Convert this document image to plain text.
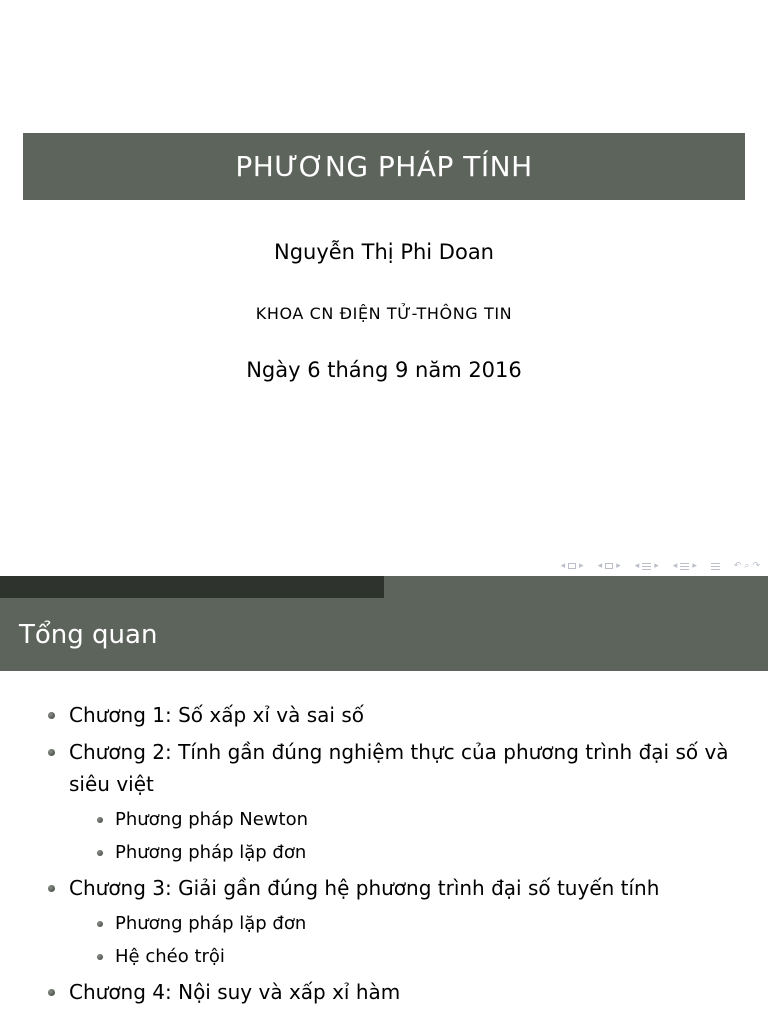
PHƯƠNG PHÁP TÍNH
Nguyễn Thị Phi Doan
KHOA CN ĐIỆN TỬ-THÔNG TIN
Ngày 6 tháng 9 năm 2016
◂ ▸ ◂ ▸ ◂ ▸ ◂ ▸	↶ ⌕ ↷
Tổng quan
Chương 1: Số xấp xỉ và sai số
Chương 2: Tính gần đúng nghiệm thực của phương trình đại số và siêu việt
Phương pháp Newton
Phương pháp lặp đơn
Chương 3: Giải gần đúng hệ phương trình đại số tuyến tính
Phương pháp lặp đơn
Hệ chéo trội
Chương 4: Nội suy và xấp xỉ hàm
